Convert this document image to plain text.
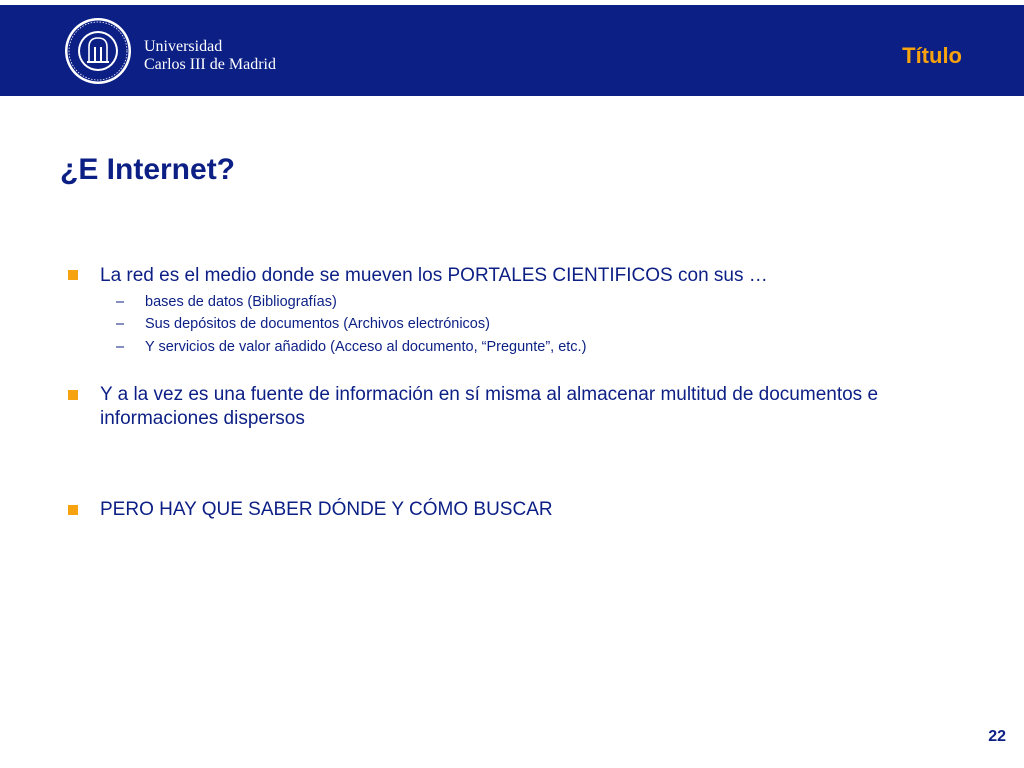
Universidad
Carlos III de Madrid	Título
¿E Internet?
La red es el medio donde se mueven los PORTALES CIENTIFICOS con sus …
– bases de datos (Bibliografías)
– Sus depósitos de documentos (Archivos electrónicos)
– Y servicios de valor añadido (Acceso al documento, “Pregunte”, etc.)
Y a la vez es una fuente de información en sí misma al almacenar multitud de documentos e informaciones dispersos
PERO HAY QUE SABER DÓNDE Y CÓMO BUSCAR
22
